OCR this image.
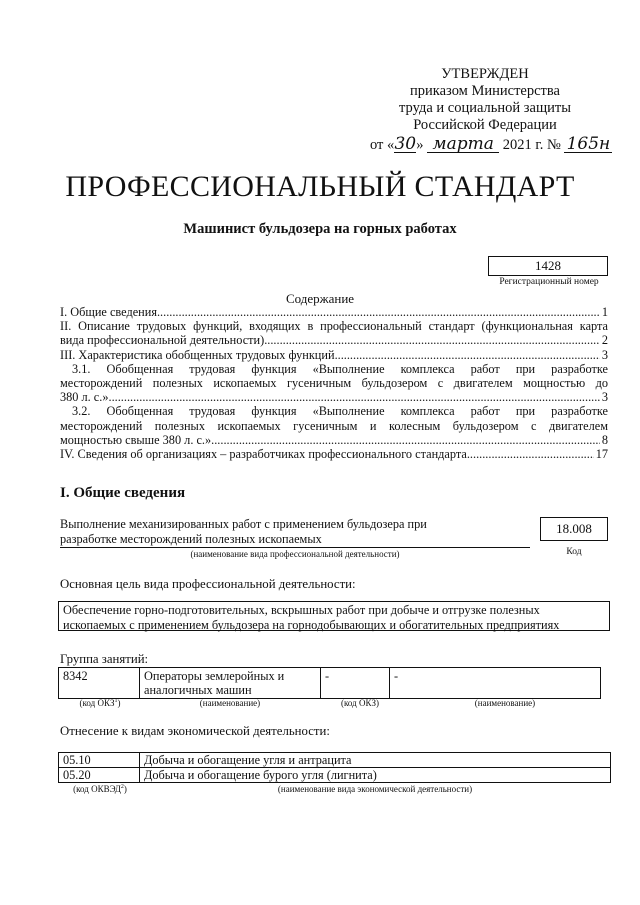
УТВЕРЖДЕН
приказом Министерства
труда и социальной защиты
Российской Федерации
от «30» марта 2021 г. № 165н
ПРОФЕССИОНАЛЬНЫЙ СТАНДАРТ
Машинист бульдозера на горных работах
1428
Регистрационный номер
Содержание
I. Общие сведения .....	1
II. Описание трудовых функций, входящих в профессиональный стандарт (функциональная карта
вида профессиональной деятельности) .....	2
III. Характеристика обобщенных трудовых функций .....	3
3.1. Обобщенная трудовая функция «Выполнение комплекса работ при разработке
месторождений полезных ископаемых гусеничным бульдозером с двигателем мощностью до
380 л. с.» .....	3
3.2. Обобщенная трудовая функция «Выполнение комплекса работ при разработке
месторождений полезных ископаемых гусеничным и колесным бульдозером с двигателем
мощностью свыше 380 л. с.» .....	8
IV. Сведения об организациях – разработчиках профессионального стандарта .....	17
I. Общие сведения
Выполнение механизированных работ с применением бульдозера при
разработке месторождений полезных ископаемых
(наименование вида профессиональной деятельности)
18.008
Код
Основная цель вида профессиональной деятельности:
Обеспечение горно-подготовительных, вскрышных работ при добыче и отгрузке полезных
ископаемых с применением бульдозера на горнодобывающих и обогатительных предприятиях
Группа занятий:
8342	Операторы землеройных и
аналогичных машин
	-	-
(код ОКЗ$^1$)	(наименование)	(код ОКЗ)	(наименование)
Отнесение к видам экономической деятельности:
05.10	Добыча и обогащение угля и антрацита
05.20	Добыча и обогащение бурого угля (лигнита)
(код ОКВЭД$^2$)	(наименование вида экономической деятельности)
